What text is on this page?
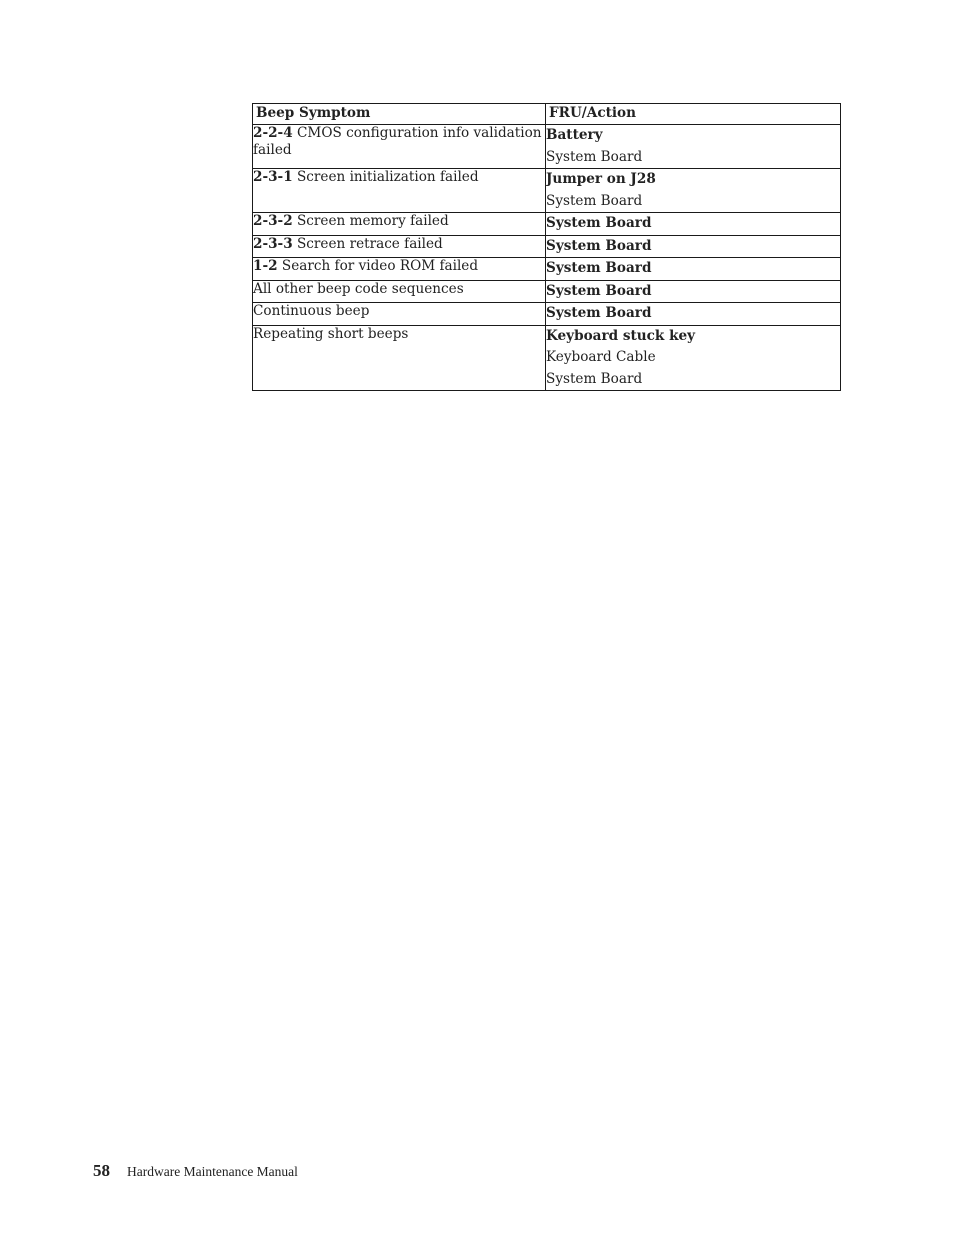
Beep Symptom	FRU/Action
2-2-4 CMOS configuration info validation failed	Battery
System Board

2-3-1 Screen initialization failed	Jumper on J28
System Board

2-3-2 Screen memory failed	System Board

2-3-3 Screen retrace failed	System Board

1-2 Search for video ROM failed	System Board

All other beep code sequences	System Board

Continuous beep	System Board

Repeating short beeps	Keyboard stuck key
Keyboard Cable
System Board
58 Hardware Maintenance Manual
